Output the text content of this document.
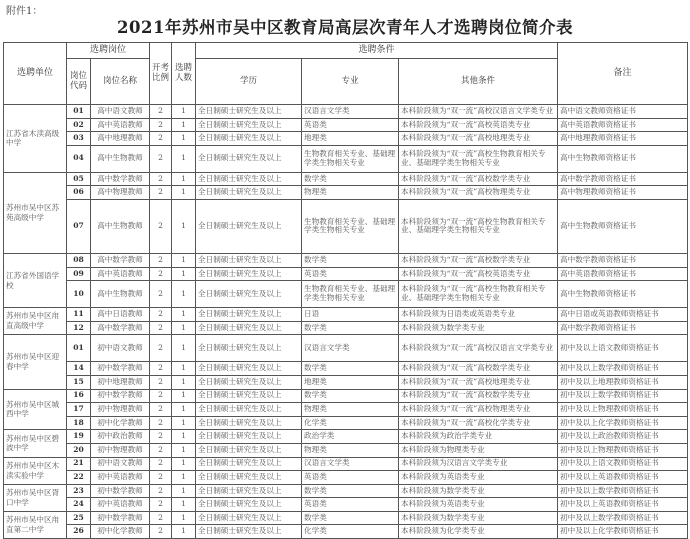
附件1：
2021年苏州市吴中区教育局高层次青年人才选聘岗位简介表
选聘单位	选聘岗位		开考比例	选聘人数	选聘条件			备注
	岗位代码	岗位名称			学历	专业	其他条件	
江苏省木渎高级中学	01	高中语文教师	2	1	全日制硕士研究生及以上	汉语言文学类	本科阶段须为“双一流”高校汉语言文学类专业	高中语文教师资格证书
	02	高中英语教师	2	1	全日制硕士研究生及以上	英语类	本科阶段须为“双一流”高校英语类专业	高中英语教师资格证书
	03	高中地理教师	2	1	全日制硕士研究生及以上	地理类	本科阶段须为“双一流”高校地理类专业	高中地理教师资格证书
	04	高中生物教师	2	1	全日制硕士研究生及以上	生物教育相关专业、基础理学类生物相关专业	本科阶段须为“双一流”高校生物教育相关专业、基础理学类生物相关专业	高中生物教师资格证书
苏州市吴中区苏苑高级中学	05	高中数学教师	2	1	全日制硕士研究生及以上	数学类	本科阶段须为“双一流”高校数学类专业	高中数学教师资格证书
	06	高中物理教师	2	1	全日制硕士研究生及以上	物理类	本科阶段须为“双一流”高校物理类专业	高中物理教师资格证书
	07	高中生物教师	2	1	全日制硕士研究生及以上	生物教育相关专业、基础理学类生物相关专业	本科阶段须为“双一流”高校生物教育相关专业、基础理学类生物相关专业	高中生物教师资格证书
江苏省外国语学校	08	高中数学教师	2	1	全日制硕士研究生及以上	数学类	本科阶段须为“双一流”高校数学类专业	高中数学教师资格证书
	09	高中英语教师	2	1	全日制硕士研究生及以上	英语类	本科阶段须为“双一流”高校英语类专业	高中英语教师资格证书
	10	高中生物教师	2	1	全日制硕士研究生及以上	生物教育相关专业、基础理学类生物相关专业	本科阶段须为“双一流”高校生物教育相关专业、基础理学类生物相关专业	高中生物教师资格证书
苏州市吴中区甪直高级中学	11	高中日语教师	2	1	全日制硕士研究生及以上	日语	本科阶段须为日语类或英语类专业	高中日语或英语教师资格证书
	12	高中数学教师	2	1	全日制硕士研究生及以上	数学类	本科阶段须为数学类专业	高中数学教师资格证书
苏州市吴中区迎春中学	01	初中语文教师	2	1	全日制硕士研究生及以上	汉语言文学类	本科阶段须为“双一流”高校汉语言文学类专业	初中及以上语文教师资格证书
	14	初中数学教师	2	1	全日制硕士研究生及以上	数学类	本科阶段须为“双一流”高校数学类专业	初中及以上数学教师资格证书
	15	初中地理教师	2	1	全日制硕士研究生及以上	地理类	本科阶段须为“双一流”高校地理类专业	初中及以上地理教师资格证书
苏州市吴中区城西中学	16	初中数学教师	2	1	全日制硕士研究生及以上	数学类	本科阶段须为“双一流”高校数学类专业	初中及以上数学教师资格证书
	17	初中物理教师	2	1	全日制硕士研究生及以上	物理类	本科阶段须为“双一流”高校物理类专业	初中及以上物理教师资格证书
	18	初中化学教师	2	1	全日制硕士研究生及以上	化学类	本科阶段须为“双一流”高校化学类专业	初中及以上化学教师资格证书
苏州市吴中区碧波中学	19	初中政治教师	2	1	全日制硕士研究生及以上	政治学类	本科阶段须为政治学类专业	初中及以上政治教师资格证书
	20	初中物理教师	2	1	全日制硕士研究生及以上	物理类	本科阶段须为物理类专业	初中及以上物理教师资格证书
苏州市吴中区木渎实验中学	21	初中语文教师	2	1	全日制硕士研究生及以上	汉语言文学类	本科阶段须为汉语言文学类专业	初中及以上语文教师资格证书
	22	初中英语教师	2	1	全日制硕士研究生及以上	英语类	本科阶段须为英语类专业	初中及以上英语教师资格证书
苏州市吴中区胥口中学	23	初中数学教师	2	1	全日制硕士研究生及以上	数学类	本科阶段须为数学类专业	初中及以上数学教师资格证书
	24	初中英语教师	2	1	全日制硕士研究生及以上	英语类	本科阶段须为英语类专业	初中及以上英语教师资格证书
苏州市吴中区甪直第二中学	25	初中数学教师	2	1	全日制硕士研究生及以上	数学类	本科阶段须为数学类专业	初中及以上数学教师资格证书
	26	初中化学教师	2	1	全日制硕士研究生及以上	化学类	本科阶段须为化学类专业	初中及以上化学教师资格证书
